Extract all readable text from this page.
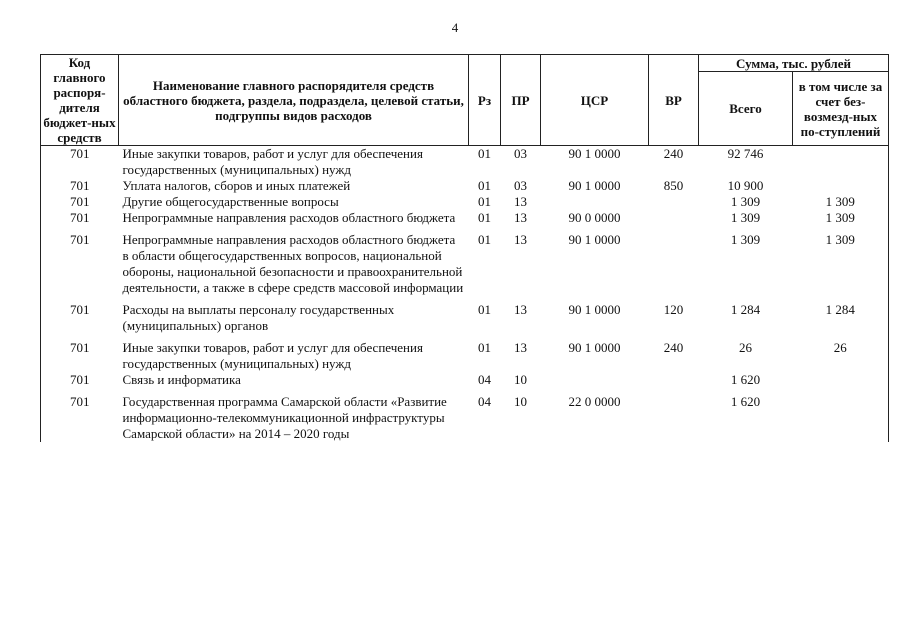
4
Код главного распоря-дителя бюджет-ных средств	Наименование главного распорядителя средств областного бюджета, раздела, подраздела, целевой статьи, подгруппы видов расходов	Рз	ПР	ЦСР	ВР	Сумма, тыс. рублей	
						Всего	в том числе за счет без-возмезд-ных по-ступлений
701	Иные закупки товаров, работ и услуг для обеспечения государственных (муниципальных) нужд	01	03	90 1 0000	240	92 746	
701	Уплата налогов, сборов и иных платежей	01	03	90 1 0000	850	10 900	
701	Другие общегосударственные вопросы	01	13			1 309	1 309
701	Непрограммные направления расходов областного бюджета	01	13	90 0 0000		1 309	1 309
701	Непрограммные направления расходов областного бюджета в области общегосударственных вопросов, национальной обороны, национальной безопасности и правоохранительной деятельности, а также в сфере средств массовой информации	01	13	90 1 0000		1 309	1 309
701	Расходы на выплаты персоналу государственных (муниципальных) органов	01	13	90 1 0000	120	1 284	1 284
701	Иные закупки товаров, работ и услуг для обеспечения государственных (муниципальных) нужд	01	13	90 1 0000	240	26	26
701	Связь и информатика	04	10			1 620	
701	Государственная программа Самарской области «Развитие информационно-телекоммуникационной инфраструктуры Самарской области» на 2014 – 2020 годы	04	10	22 0 0000		1 620	
